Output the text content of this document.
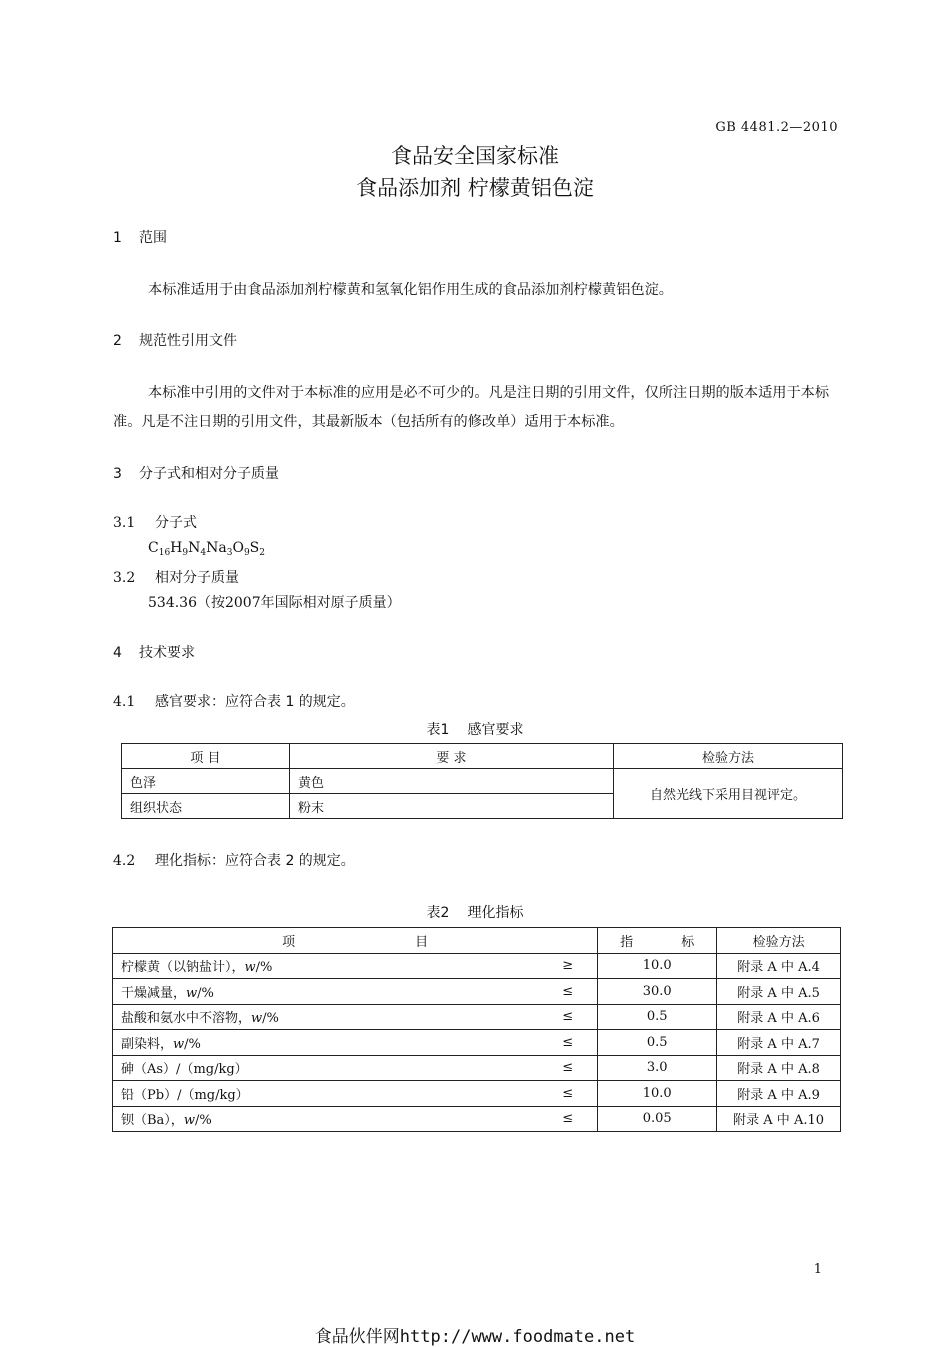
GB 4481.2—2010
食品安全国家标准
食品添加剂 柠檬黄铝色淀
1 范围
本标准适用于由食品添加剂柠檬黄和氢氧化铝作用生成的食品添加剂柠檬黄铝色淀。
2 规范性引用文件
本标准中引用的文件对于本标准的应用是必不可少的。凡是注日期的引用文件，仅所注日期的版本适用于本标准。凡是不注日期的引用文件，其最新版本（包括所有的修改单）适用于本标准。
3 分子式和相对分子质量
3.1 分子式
$C_{16}H_9N_4Na_3O_9S_2$
3.2 相对分子质量
534.36（按2007年国际相对原子质量）
4 技术要求
4.1 感官要求：应符合表 1 的规定。
表1 感官要求
项 目	要 求	检验方法
色泽	黄色	自然光线下采用目视评定。
组织状态	粉末	
4.2 理化指标：应符合表 2 的规定。
表2 理化指标
项 目		指 标	检验方法
柠檬黄（以钠盐计），w/%	≥	10.0	附录 A 中 A.4
干燥减量，w/%	≤	30.0	附录 A 中 A.5
盐酸和氨水中不溶物，w/%	≤	0.5	附录 A 中 A.6
副染料，w/%	≤	0.5	附录 A 中 A.7
砷（As）/（mg/kg）	≤	3.0	附录 A 中 A.8
铅（Pb）/（mg/kg）	≤	10.0	附录 A 中 A.9
钡（Ba），w/%	≤	0.05	附录 A 中 A.10
1
食品伙伴网http://www.foodmate.net
